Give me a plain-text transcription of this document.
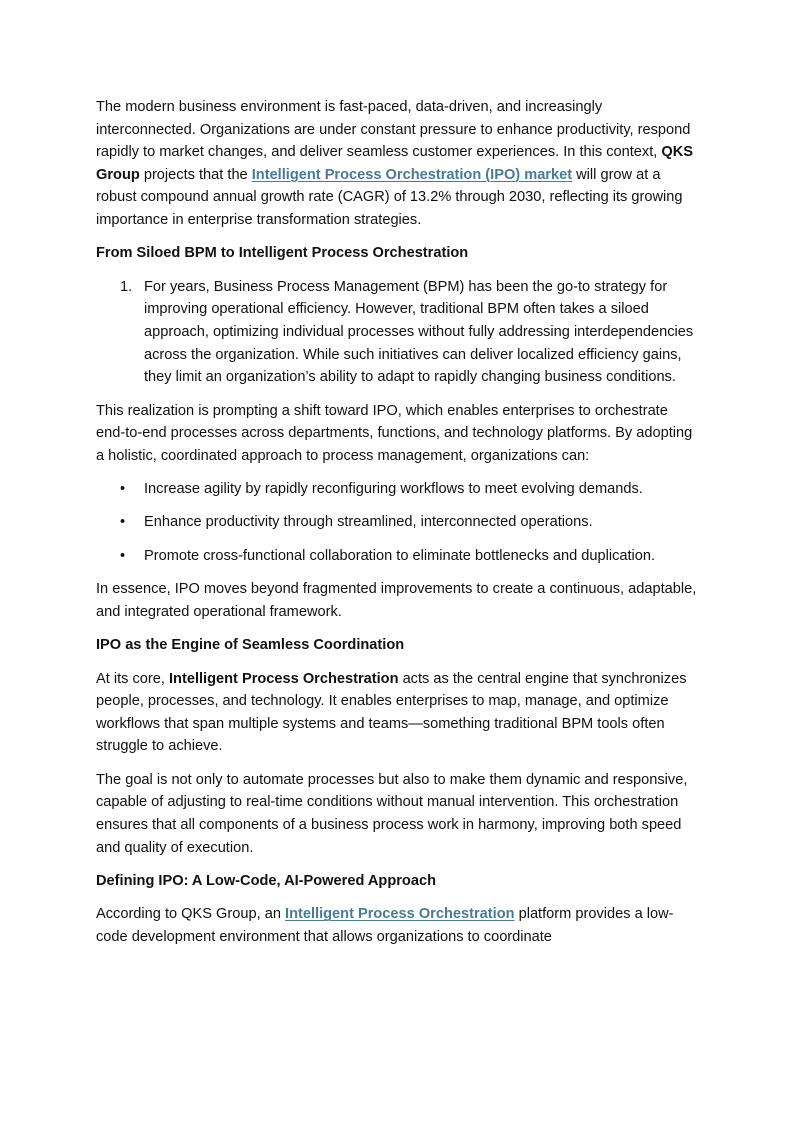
The modern business environment is fast-paced, data-driven, and increasingly interconnected. Organizations are under constant pressure to enhance productivity, respond rapidly to market changes, and deliver seamless customer experiences. In this context, QKS Group projects that the Intelligent Process Orchestration (IPO) market will grow at a robust compound annual growth rate (CAGR) of 13.2% through 2030, reflecting its growing importance in enterprise transformation strategies.

From Siloed BPM to Intelligent Process Orchestration
1. For years, Business Process Management (BPM) has been the go-to strategy for improving operational efficiency. However, traditional BPM often takes a siloed approach, optimizing individual processes without fully addressing interdependencies across the organization. While such initiatives can deliver localized efficiency gains, they limit an organization’s ability to adapt to rapidly changing business conditions.

This realization is prompting a shift toward IPO, which enables enterprises to orchestrate end-to-end processes across departments, functions, and technology platforms. By adopting a holistic, coordinated approach to process management, organizations can:

• Increase agility by rapidly reconfiguring workflows to meet evolving demands.
• Enhance productivity through streamlined, interconnected operations.
• Promote cross-functional collaboration to eliminate bottlenecks and duplication.

In essence, IPO moves beyond fragmented improvements to create a continuous, adaptable, and integrated operational framework.

IPO as the Engine of Seamless Coordination

At its core, Intelligent Process Orchestration acts as the central engine that synchronizes people, processes, and technology. It enables enterprises to map, manage, and optimize workflows that span multiple systems and teams—something traditional BPM tools often struggle to achieve.

The goal is not only to automate processes but also to make them dynamic and responsive, capable of adjusting to real-time conditions without manual intervention. This orchestration ensures that all components of a business process work in harmony, improving both speed and quality of execution.

Defining IPO: A Low-Code, AI-Powered Approach

According to QKS Group, an Intelligent Process Orchestration platform provides a low-code development environment that allows organizations to coordinate
